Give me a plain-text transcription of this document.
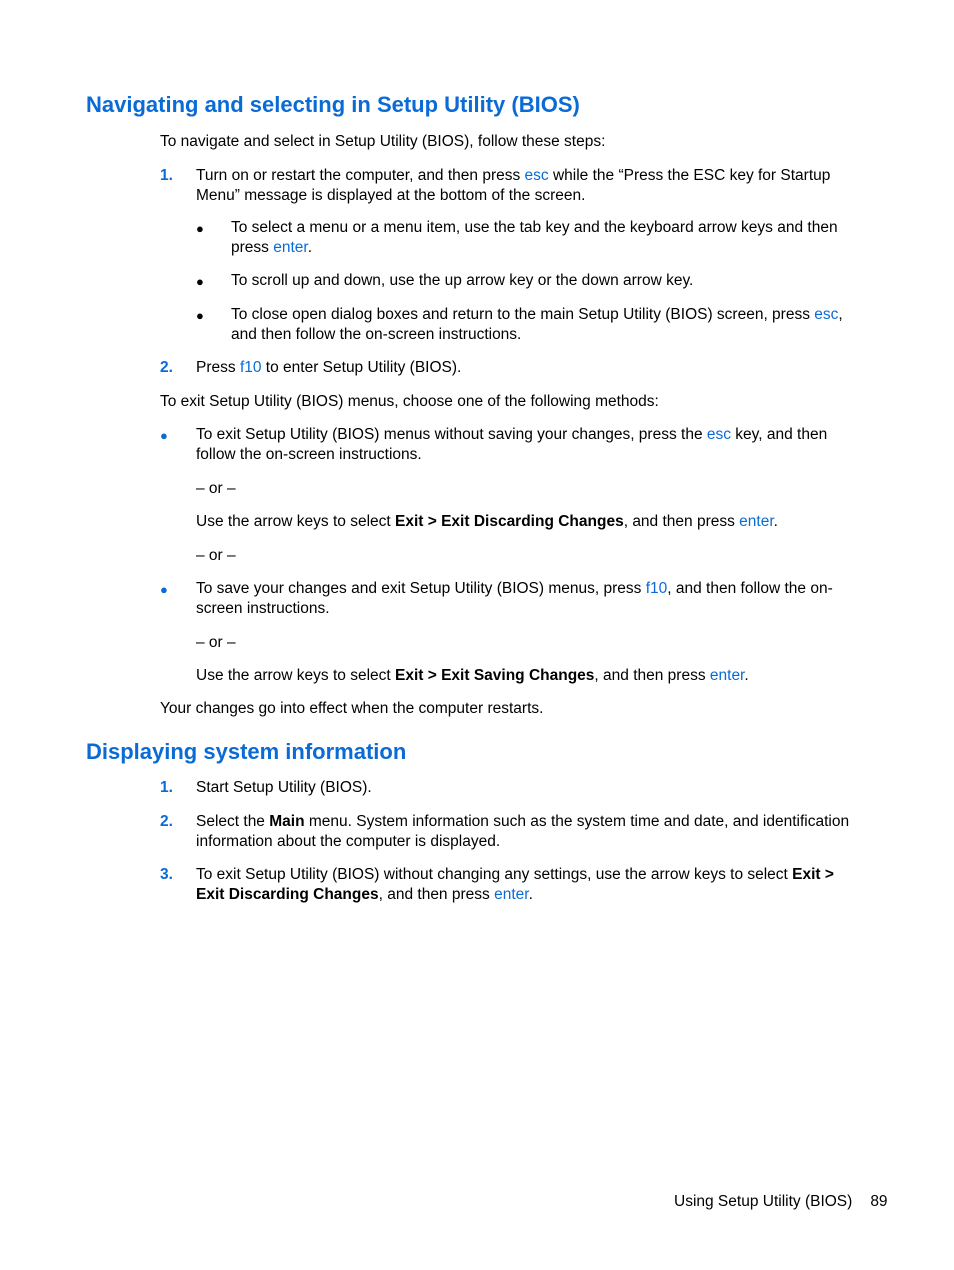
Navigating and selecting in Setup Utility (BIOS)

To navigate and select in Setup Utility (BIOS), follow these steps:

1. Turn on or restart the computer, and then press esc while the “Press the ESC key for Startup Menu” message is displayed at the bottom of the screen.

● To select a menu or a menu item, use the tab key and the keyboard arrow keys and then press enter.

● To scroll up and down, use the up arrow key or the down arrow key.

● To close open dialog boxes and return to the main Setup Utility (BIOS) screen, press esc, and then follow the on-screen instructions.

2. Press f10 to enter Setup Utility (BIOS).

To exit Setup Utility (BIOS) menus, choose one of the following methods:

● To exit Setup Utility (BIOS) menus without saving your changes, press the esc key, and then follow the on-screen instructions.

– or –

Use the arrow keys to select Exit > Exit Discarding Changes, and then press enter.

– or –

● To save your changes and exit Setup Utility (BIOS) menus, press f10, and then follow the on-screen instructions.

– or –

Use the arrow keys to select Exit > Exit Saving Changes, and then press enter.

Your changes go into effect when the computer restarts.

Displaying system information
1. Start Setup Utility (BIOS).

2. Select the Main menu. System information such as the system time and date, and identification information about the computer is displayed.

3. To exit Setup Utility (BIOS) without changing any settings, use the arrow keys to select Exit > Exit Discarding Changes, and then press enter.

Using Setup Utility (BIOS) 89
